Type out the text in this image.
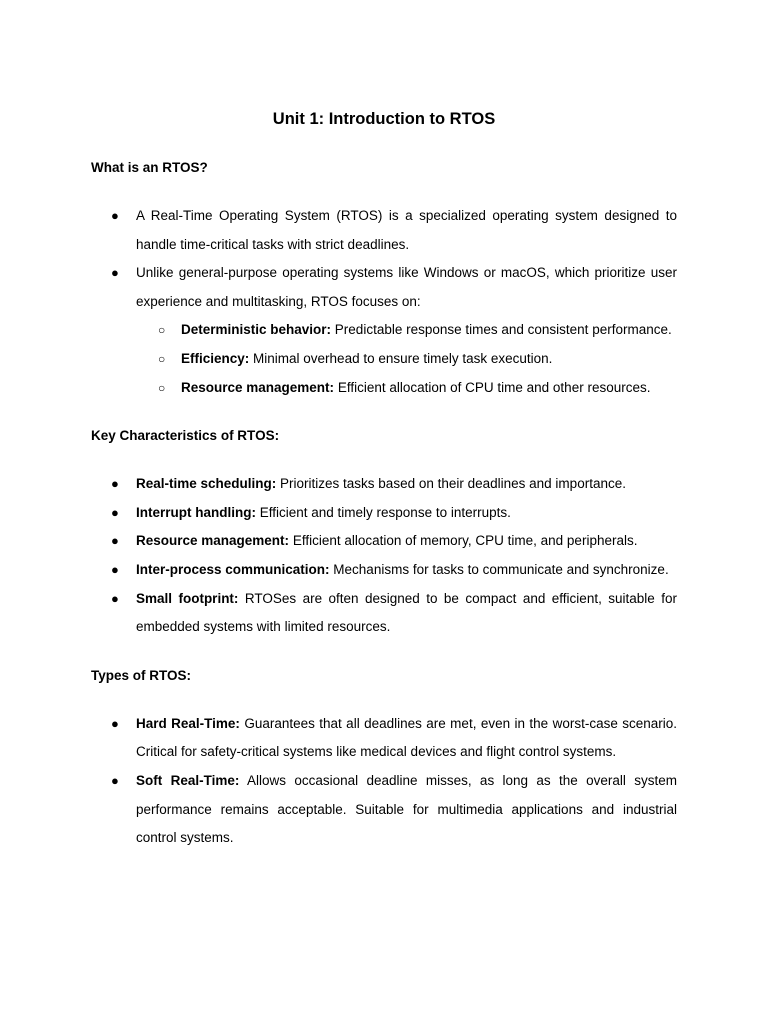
Unit 1: Introduction to RTOS
What is an RTOS?
● A Real-Time Operating System (RTOS) is a specialized operating system designed to handle time-critical tasks with strict deadlines.
● Unlike general-purpose operating systems like Windows or macOS, which prioritize user experience and multitasking, RTOS focuses on:
○ Deterministic behavior: Predictable response times and consistent performance.
○ Efficiency: Minimal overhead to ensure timely task execution.
○ Resource management: Efficient allocation of CPU time and other resources.
Key Characteristics of RTOS:
● Real-time scheduling: Prioritizes tasks based on their deadlines and importance.
● Interrupt handling: Efficient and timely response to interrupts.
● Resource management: Efficient allocation of memory, CPU time, and peripherals.
● Inter-process communication: Mechanisms for tasks to communicate and synchronize.
● Small footprint: RTOSes are often designed to be compact and efficient, suitable for embedded systems with limited resources.
Types of RTOS:
● Hard Real-Time: Guarantees that all deadlines are met, even in the worst-case scenario. Critical for safety-critical systems like medical devices and flight control systems.
● Soft Real-Time: Allows occasional deadline misses, as long as the overall system performance remains acceptable. Suitable for multimedia applications and industrial control systems.
